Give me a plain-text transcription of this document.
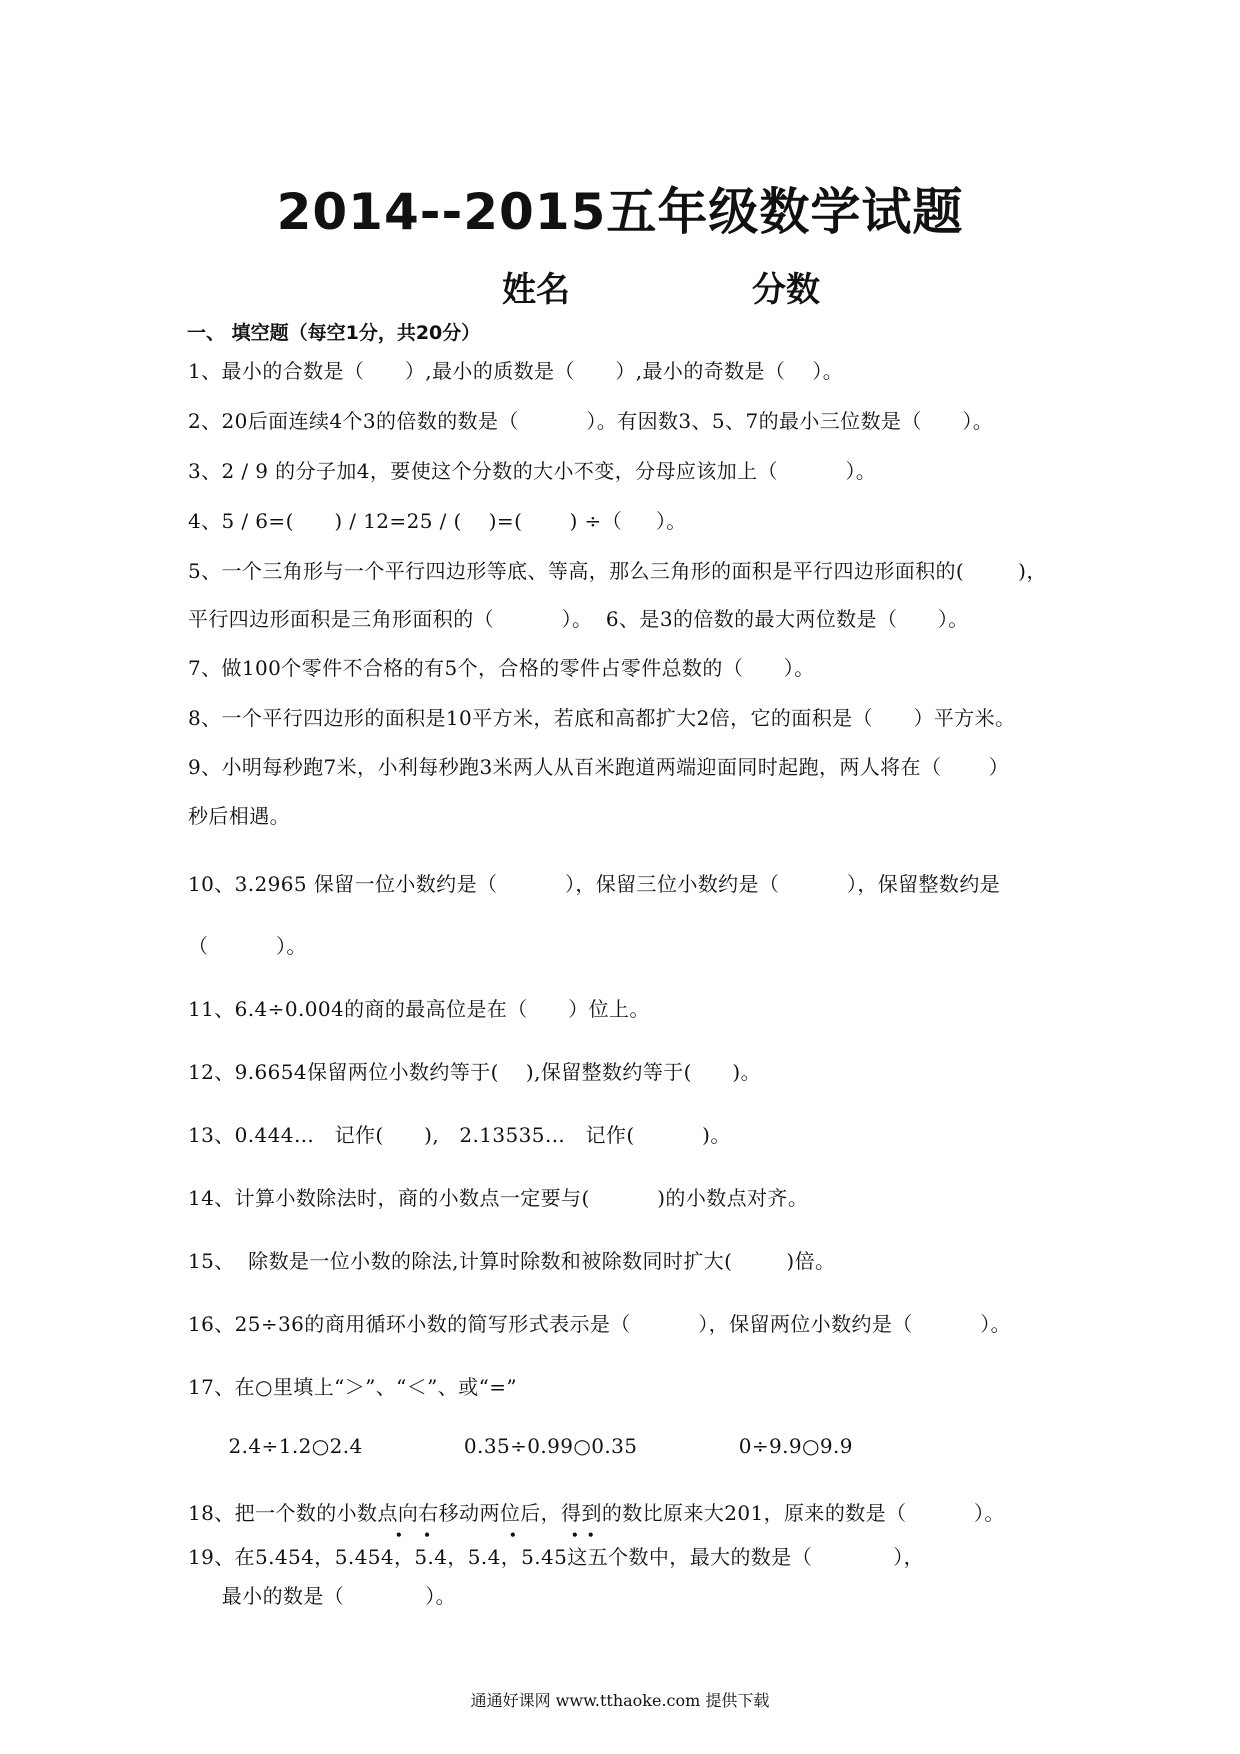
2014--2015五年级数学试题
姓名	分数
一、 填空题（每空1分，共20分）
1、最小的合数是（      ）,最小的质数是（      ）,最小的奇数是（    ）。
2、20后面连续4个3的倍数的数是（          ）。有因数3、5、7的最小三位数是（      ）。
3、2 / 9 的分子加4，要使这个分数的大小不变，分母应该加上（          ）。
4、5 / 6=(      ) / 12=25 / (    )=(       ) ÷（     ）。
5、一个三角形与一个平行四边形等底、等高，那么三角形的面积是平行四边形面积的(        )，
平行四边形面积是三角形面积的（          ）。  6、是3的倍数的最大两位数是（      ）。
7、做100个零件不合格的有5个，合格的零件占零件总数的（      ）。
8、一个平行四边形的面积是10平方米，若底和高都扩大2倍，它的面积是（      ）平方米。
9、小明每秒跑7米，小利每秒跑3米两人从百米跑道两端迎面同时起跑，两人将在（       ）
秒后相遇。
10、3.2965 保留一位小数约是（          ），保留三位小数约是（          ），保留整数约是
（          ）。
11、6.4÷0.004的商的最高位是在（      ）位上。
12、9.6654保留两位小数约等于(    ),保留整数约等于(      )。
13、0.444…   记作(      ),   2.13535…   记作(          )。
14、计算小数除法时，商的小数点一定要与(          )的小数点对齐。
15、  除数是一位小数的除法,计算时除数和被除数同时扩大(        )倍。
16、25÷36的商用循环小数的简写形式表示是（          ），保留两位小数约是（          ）。
17、在○里填上“＞”、“＜”、或“=”
2.4÷1.2○2.4               0.35÷0.99○0.35               0÷9.9○9.9
18、把一个数的小数点向右移动两位后，得到的数比原来大201，原来的数是（          ）。
19、在5.454，5.454，5.4，5.4，5.45这五个数中，最大的数是（            ），
最小的数是（            ）。
•   •	•	• •
通通好课网 www.tthaoke.com 提供下载
